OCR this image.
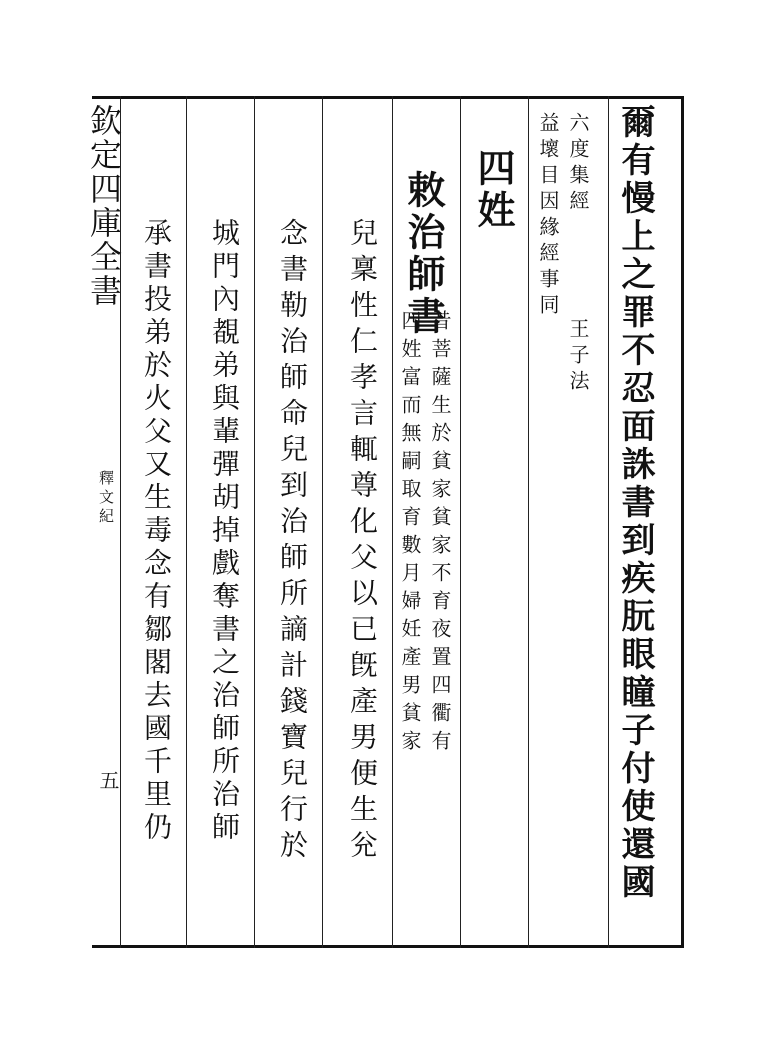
欽定四庫全書
釋文紀
五	爾有慢上之罪不忍面誅書到疾朊眼瞳子付使還國
六度集經
王子法
益壞目因緣經事同
四姓
敕治師書
昔菩薩生於貧家貧家不育夜置四衢有
四姓富而無嗣取育數月婦妊產男貧家
兒稟性仁孝言輒尊化父以已旣產男便生兊
念書勒治師命兒到治師所謫計錢寶兒行於
城門內覩弟與輩彈胡掉戲奪書之治師所治師
承書投弟於火父又生毒念有鄒閣去國千里仍
